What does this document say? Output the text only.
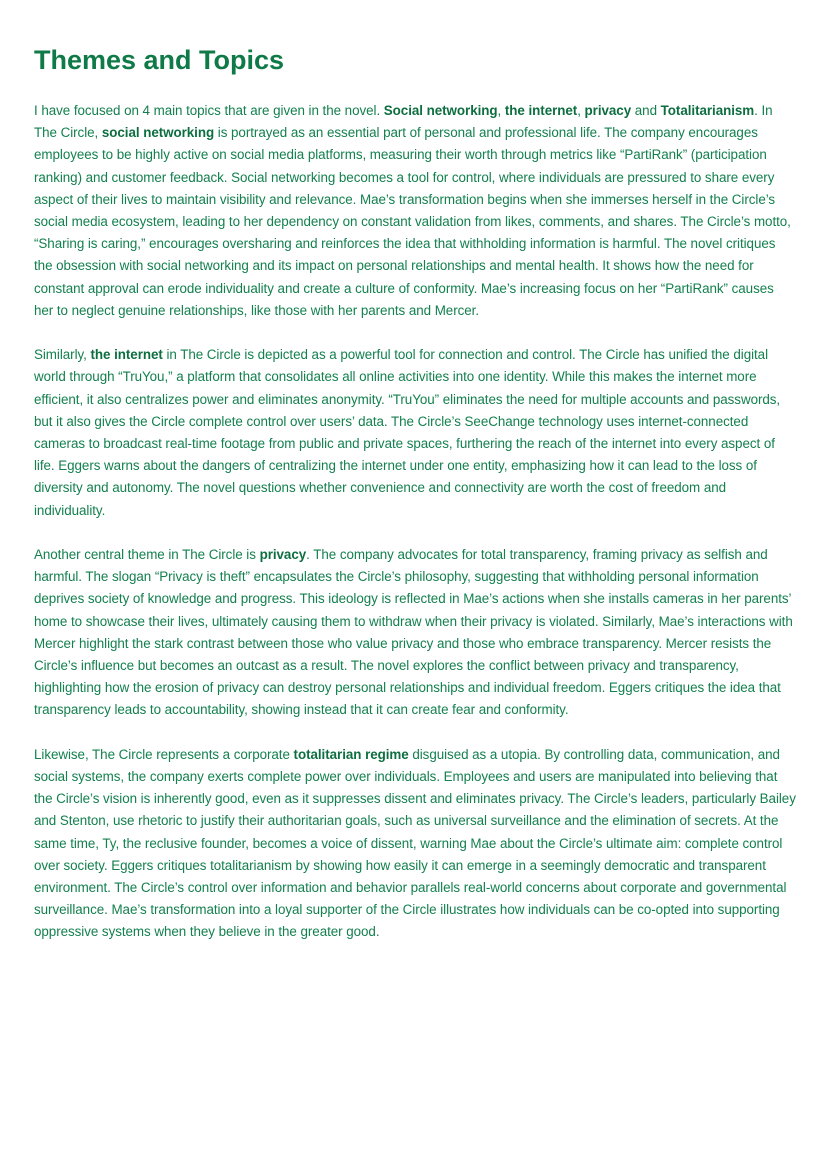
Themes and Topics

I have focused on 4 main topics that are given in the novel. Social networking, the internet, privacy and Totalitarianism. In The Circle, social networking is portrayed as an essential part of personal and professional life. The company encourages employees to be highly active on social media platforms, measuring their worth through metrics like “PartiRank” (participation ranking) and customer feedback. Social networking becomes a tool for control, where individuals are pressured to share every aspect of their lives to maintain visibility and relevance. Mae’s transformation begins when she immerses herself in the Circle’s social media ecosystem, leading to her dependency on constant validation from likes, comments, and shares. The Circle’s motto, “Sharing is caring,” encourages oversharing and reinforces the idea that withholding information is harmful. The novel critiques the obsession with social networking and its impact on personal relationships and mental health. It shows how the need for constant approval can erode individuality and create a culture of conformity. Mae’s increasing focus on her “PartiRank” causes her to neglect genuine relationships, like those with her parents and Mercer.

Similarly, the internet in The Circle is depicted as a powerful tool for connection and control. The Circle has unified the digital world through “TruYou,” a platform that consolidates all online activities into one identity. While this makes the internet more efficient, it also centralizes power and eliminates anonymity. “TruYou” eliminates the need for multiple accounts and passwords, but it also gives the Circle complete control over users’ data. The Circle’s SeeChange technology uses internet-connected cameras to broadcast real-time footage from public and private spaces, furthering the reach of the internet into every aspect of life. Eggers warns about the dangers of centralizing the internet under one entity, emphasizing how it can lead to the loss of diversity and autonomy. The novel questions whether convenience and connectivity are worth the cost of freedom and individuality.

Another central theme in The Circle is privacy. The company advocates for total transparency, framing privacy as selfish and harmful. The slogan “Privacy is theft” encapsulates the Circle’s philosophy, suggesting that withholding personal information deprives society of knowledge and progress. This ideology is reflected in Mae’s actions when she installs cameras in her parents’ home to showcase their lives, ultimately causing them to withdraw when their privacy is violated. Similarly, Mae’s interactions with Mercer highlight the stark contrast between those who value privacy and those who embrace transparency. Mercer resists the Circle’s influence but becomes an outcast as a result. The novel explores the conflict between privacy and transparency, highlighting how the erosion of privacy can destroy personal relationships and individual freedom. Eggers critiques the idea that transparency leads to accountability, showing instead that it can create fear and conformity.

Likewise, The Circle represents a corporate totalitarian regime disguised as a utopia. By controlling data, communication, and social systems, the company exerts complete power over individuals. Employees and users are manipulated into believing that the Circle’s vision is inherently good, even as it suppresses dissent and eliminates privacy. The Circle’s leaders, particularly Bailey and Stenton, use rhetoric to justify their authoritarian goals, such as universal surveillance and the elimination of secrets. At the same time, Ty, the reclusive founder, becomes a voice of dissent, warning Mae about the Circle’s ultimate aim: complete control over society. Eggers critiques totalitarianism by showing how easily it can emerge in a seemingly democratic and transparent environment. The Circle’s control over information and behavior parallels real-world concerns about corporate and governmental surveillance. Mae’s transformation into a loyal supporter of the Circle illustrates how individuals can be co-opted into supporting oppressive systems when they believe in the greater good.
